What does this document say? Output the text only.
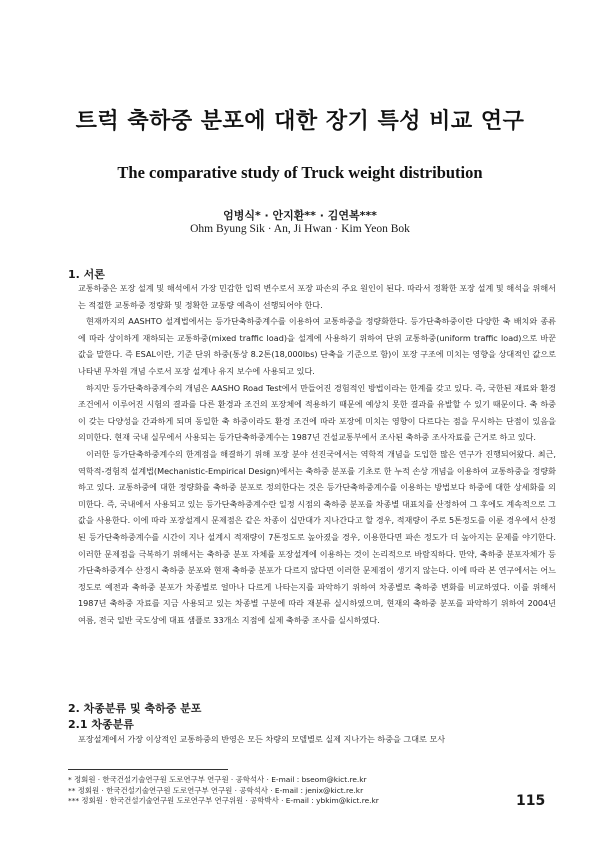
트럭 축하중 분포에 대한 장기 특성 비교 연구
The comparative study of Truck weight distribution
엄병식* · 안지환** · 김연복***
Ohm Byung Sik · An, Ji Hwan · Kim Yeon Bok
1. 서론

교통하중은 포장 설계 및 해석에서 가장 민감한 입력 변수로서 포장 파손의 주요 원인이 된다. 따라서 정확한 포장 설계 및 해석을 위해서는 적절한 교통하중 정량화 및 정확한 교통량 예측이 선행되어야 한다.

현재까지의 AASHTO 설계법에서는 등가단축하중계수를 이용하여 교통하중을 정량화한다. 등가단축하중이란 다양한 축 배치와 종류에 따라 상이하게 재하되는 교통하중(mixed traffic load)을 설계에 사용하기 위하여 단위 교통하중(uniform traffic load)으로 바꾼 값을 말한다. 즉 ESAL이란, 기준 단위 하중(통상 8.2톤(18,000lbs) 단축을 기준으로 함)이 포장 구조에 미치는 영향을 상대적인 값으로 나타낸 무차원 개념 수로서 포장 설계나 유지 보수에 사용되고 있다.

하지만 등가단축하중계수의 개념은 AASHO Road Test에서 만들어진 경험적인 방법이라는 한계를 갖고 있다. 즉, 국한된 재료와 환경조건에서 이루어진 시험의 결과를 다른 환경과 조건의 포장체에 적용하기 때문에 예상치 못한 결과를 유발할 수 있기 때문이다. 축 하중이 갖는 다양성을 간과하게 되며 동일한 축 하중이라도 환경 조건에 따라 포장에 미치는 영향이 다르다는 점을 무시하는 단점이 있음을 의미한다. 현재 국내 실무에서 사용되는 등가단축하중계수는 1987년 건설교통부에서 조사된 축하중 조사자료를 근거로 하고 있다.

이러한 등가단축하중계수의 한계점을 해결하기 위해 포장 분야 선진국에서는 역학적 개념을 도입한 많은 연구가 진행되어왔다. 최근, 역학적-경험적 설계법(Mechanistic-Empirical Design)에서는 축하중 분포를 기초로 한 누적 손상 개념을 이용하여 교통하중을 정량화하고 있다. 교통하중에 대한 정량화를 축하중 분포로 정의한다는 것은 등가단축하중계수를 이용하는 방법보다 하중에 대한 상세화를 의미한다. 즉, 국내에서 사용되고 있는 등가단축하중계수란 일정 시점의 축하중 분포를 차종별 대표치를 산정하여 그 후에도 계속적으로 그 값을 사용한다. 이에 따라 포장설계시 문제점은 같은 차종이 십만대가 지나간다고 할 경우, 적재량이 주로 5톤정도를 이룬 경우에서 산정된 등가단축하중계수를 시간이 지나 설계시 적재량이 7톤정도로 높아졌을 경우, 이용한다면 파손 정도가 더 높아지는 문제를 야기한다. 이러한 문제점을 극복하기 위해서는 축하중 분포 자체를 포장설계에 이용하는 것이 논리적으로 바람직하다. 만약, 축하중 분포자체가 등가단축하중계수 산정시 축하중 분포와 현재 축하중 분포가 다르지 않다면 이러한 문제점이 생기지 않는다. 이에 따라 본 연구에서는 어느 정도로 예전과 축하중 분포가 차종별로 얼마나 다르게 나타는지를 파악하기 위하여 차종별로 축하중 변화를 비교하였다. 이를 위해서 1987년 축하중 자료를 지금 사용되고 있는 차종별 구분에 따라 재분류 실시하였으며, 현재의 축하중 분포를 파악하기 위하여 2004년 여름, 전국 일반 국도상에 대표 샘플로 33개소 지점에 실제 축하중 조사를 실시하였다.

2. 차종분류 및 축하중 분포
2.1 차종분류

포장설계에서 가장 이상적인 교통하중의 반영은 모든 차량의 모델별로 실제 지나가는 하중을 그대로 모사

* 정회원 · 한국건설기술연구원 도로연구부 연구원 · 공학석사 · E-mail : bseom@kict.re.kr
** 정회원 · 한국건설기술연구원 도로연구부 연구원 · 공학석사 · E-mail : jenix@kict.re.kr
*** 정회원 · 한국건설기술연구원 도로연구부 연구위원 · 공학박사 · E-mail : ybkim@kict.re.kr	115
